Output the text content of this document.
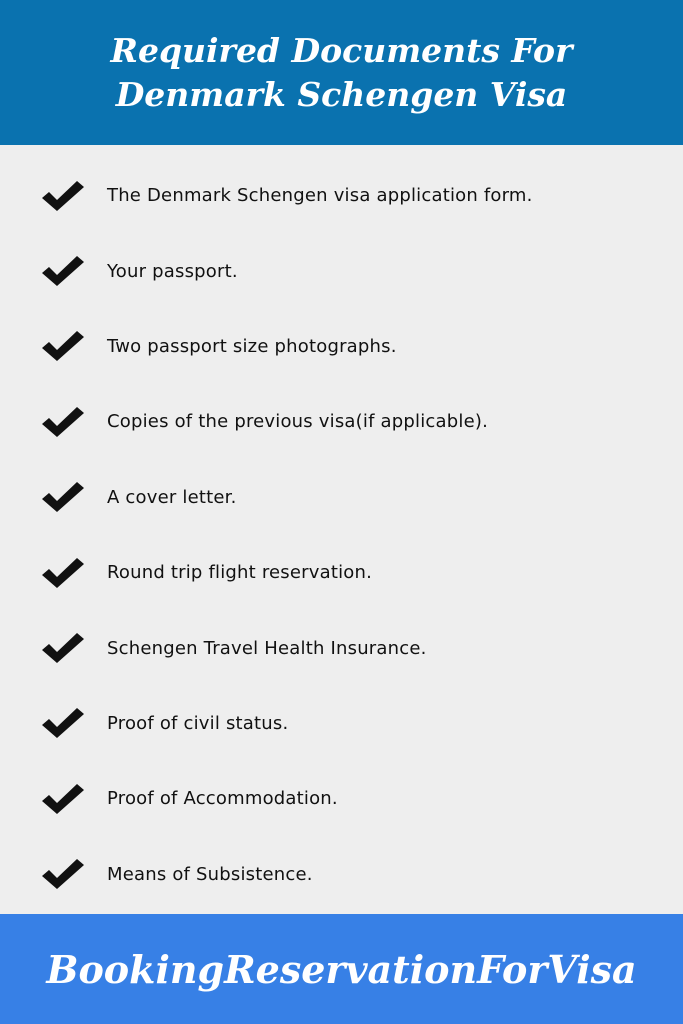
Required Documents For Denmark Schengen Visa
The Denmark Schengen visa application form.
Your passport.
Two passport size photographs.
Copies of the previous visa(if applicable).
A cover letter.
Round trip flight reservation.
Schengen Travel Health Insurance.
Proof of civil status.
Proof of Accommodation.
Means of Subsistence.
BookingReservationForVisa
